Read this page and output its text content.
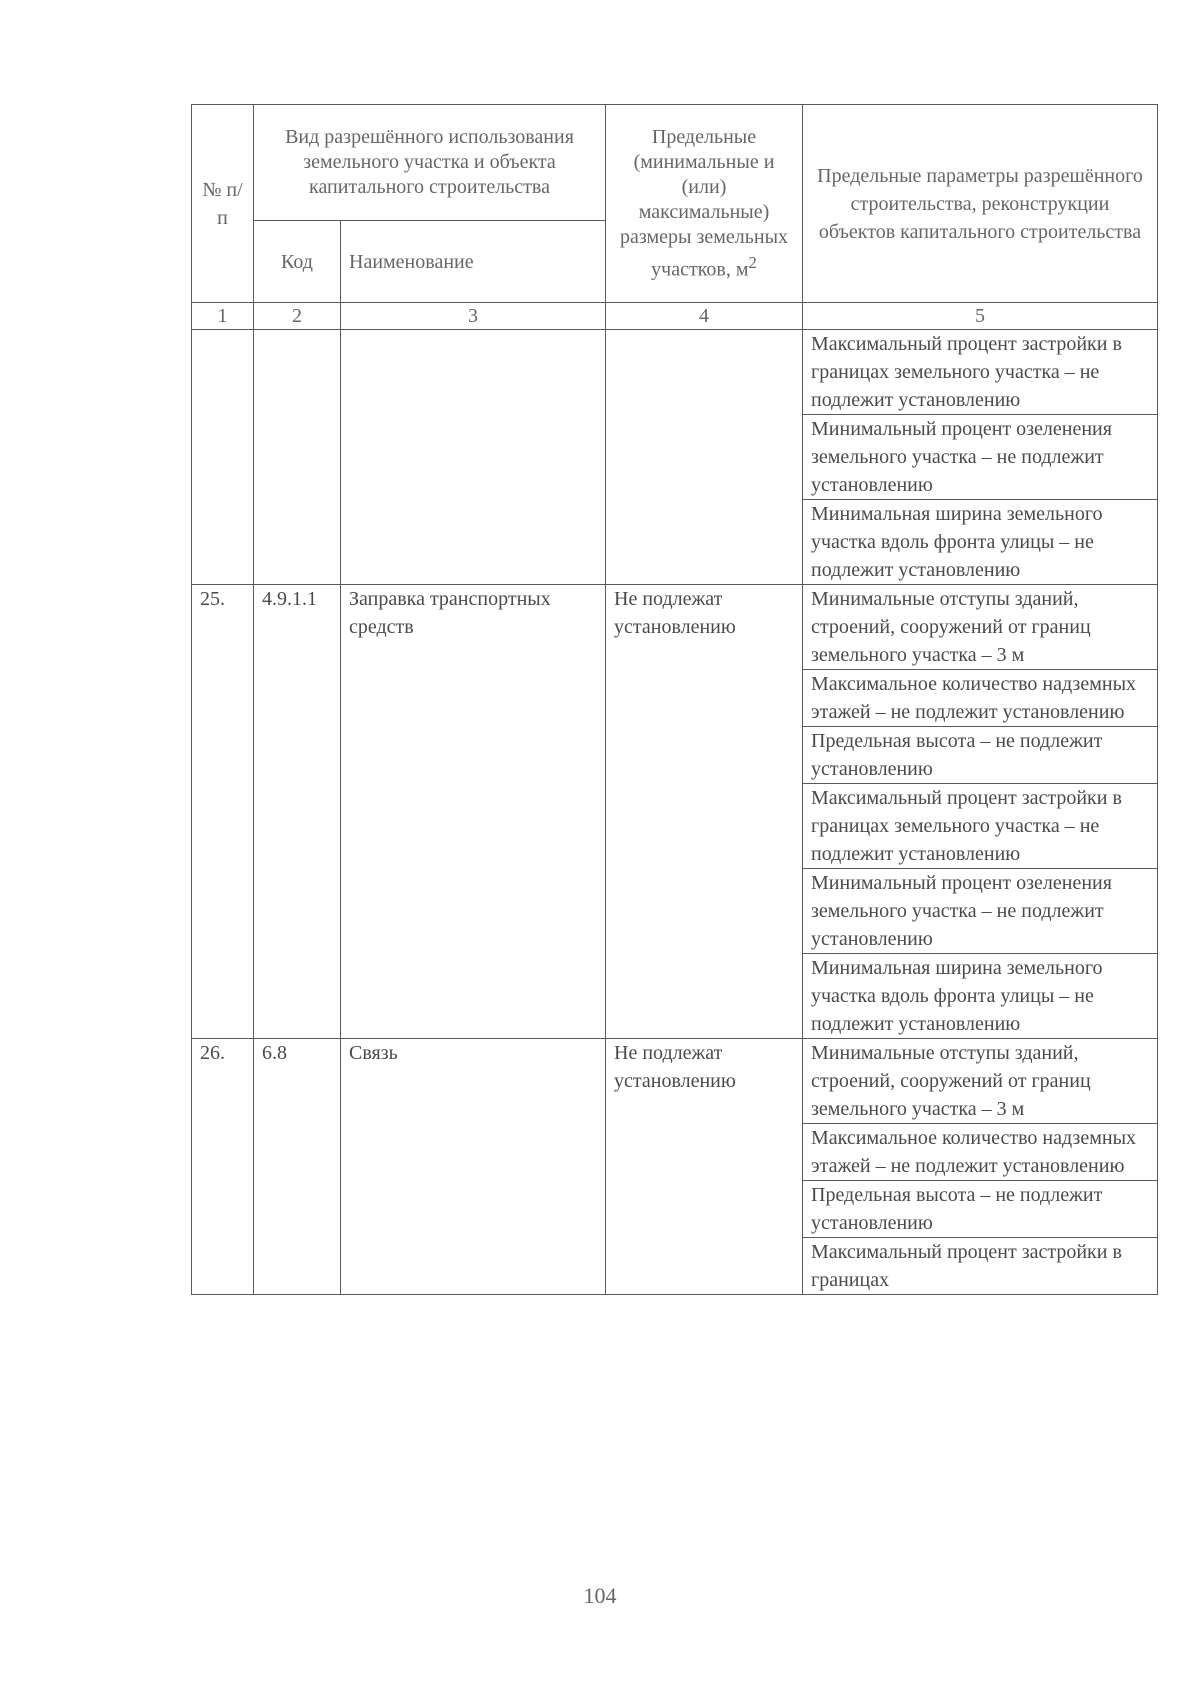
№ п/п	Вид разрешённого использования земельного участка и объекта капитального строительства		Предельные (минимальные и (или) максимальные) размеры земельных участков, $м^2$	Предельные параметры разрешённого строительства, реконструкции объектов капитального строительства
	Код	Наименование		
1	2	3	4	5
				Максимальный процент застройки в границах земельного участка – не подлежит установлению
				Минимальный процент озеленения земельного участка – не подлежит установлению
				Минимальная ширина земельного участка вдоль фронта улицы – не подлежит установлению
25.	4.9.1.1	Заправка транспортных средств	Не подлежат установлению	Минимальные отступы зданий, строений, сооружений от границ земельного участка – 3 м
				Максимальное количество надземных этажей – не подлежит установлению
				Предельная высота – не подлежит установлению
				Максимальный процент застройки в границах земельного участка – не подлежит установлению
				Минимальный процент озеленения земельного участка – не подлежит установлению
				Минимальная ширина земельного участка вдоль фронта улицы – не подлежит установлению
26.	6.8	Связь	Не подлежат установлению	Минимальные отступы зданий, строений, сооружений от границ земельного участка – 3 м
				Максимальное количество надземных этажей – не подлежит установлению
				Предельная высота – не подлежит установлению
				Максимальный процент застройки в границах
104
